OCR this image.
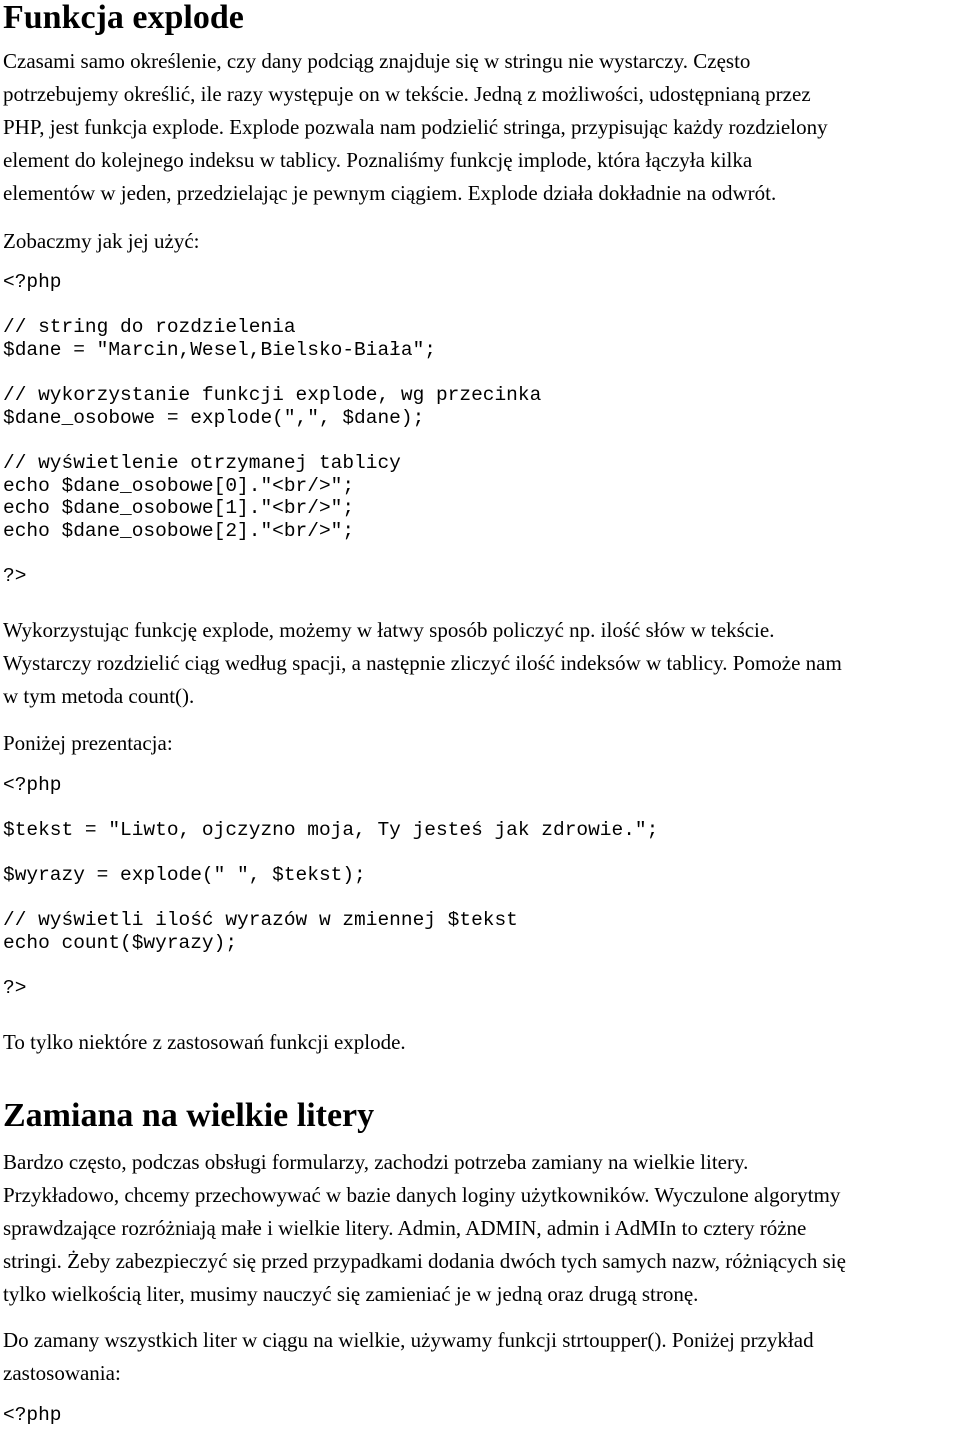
Funkcja explode
Czasami samo określenie, czy dany podciąg znajduje się w stringu nie wystarczy. Często
potrzebujemy określić, ile razy występuje on w tekście. Jedną z możliwości, udostępnianą przez
PHP, jest funkcja explode. Explode pozwala nam podzielić stringa, przypisując każdy rozdzielony
element do kolejnego indeksu w tablicy. Poznaliśmy funkcję implode, która łączyła kilka
elementów w jeden, przedzielając je pewnym ciągiem. Explode działa dokładnie na odwrót.
Zobaczmy jak jej użyć:
<?php
// string do rozdzielenia
$dane = "Marcin,Wesel,Bielsko-Biała";
// wykorzystanie funkcji explode, wg przecinka
$dane_osobowe = explode(",", $dane);
// wyświetlenie otrzymanej tablicy
echo $dane_osobowe[0]."<br/>";
echo $dane_osobowe[1]."<br/>";
echo $dane_osobowe[2]."<br/>";
?>
Wykorzystując funkcję explode, możemy w łatwy sposób policzyć np. ilość słów w tekście.
Wystarczy rozdzielić ciąg według spacji, a następnie zliczyć ilość indeksów w tablicy. Pomoże nam
w tym metoda count().
Poniżej prezentacja:
<?php
$tekst = "Liwto, ojczyzno moja, Ty jesteś jak zdrowie.";
$wyrazy = explode(" ", $tekst);
// wyświetli ilość wyrazów w zmiennej $tekst
echo count($wyrazy);
?>
To tylko niektóre z zastosowań funkcji explode.
Zamiana na wielkie litery
Bardzo często, podczas obsługi formularzy, zachodzi potrzeba zamiany na wielkie litery.
Przykładowo, chcemy przechowywać w bazie danych loginy użytkowników. Wyczulone algorytmy
sprawdzające rozróżniają małe i wielkie litery. Admin, ADMIN, admin i AdMIn to cztery różne
stringi. Żeby zabezpieczyć się przed przypadkami dodania dwóch tych samych nazw, różniących się
tylko wielkością liter, musimy nauczyć się zamieniać je w jedną oraz drugą stronę.
Do zamany wszystkich liter w ciągu na wielkie, używamy funkcji strtoupper(). Poniżej przykład
zastosowania:
<?php
